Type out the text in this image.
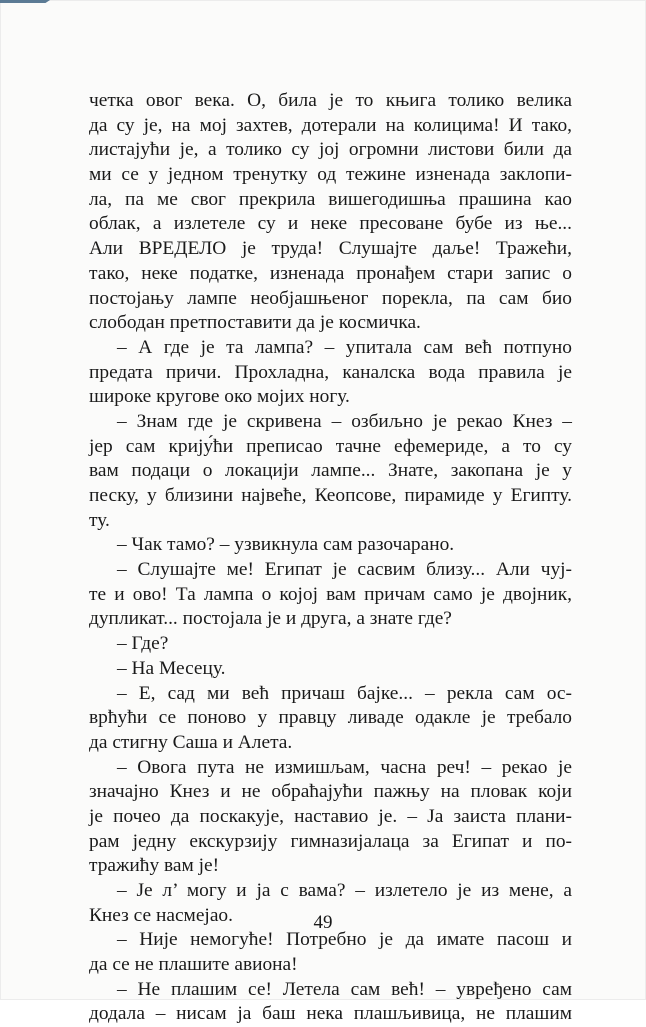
четка овог века. О, била је то књига толико велика
да су је, на мој захтев, дотерали на колицима! И тако,
листајући је, а толико су јој огромни листови били да
ми се у једном тренутку од тежине изненада заклопи-
ла, па ме свог прекрила вишегодишња прашина као
облак, а излетеле су и неке пресоване бубе из ње...
Али ВРЕДЕЛО је труда! Слушајте даље! Тражећи,
тако, неке податке, изненада пронађем стари запис о
постојању лампе необјашњеног порекла, па сам био
слободан претпоставити да је космичка.
– А где је та лампа? – упитала сам већ потпуно
предата причи. Прохладна, каналска вода правила је
широке кругове око мојих ногу.
– Знам где је скривена – озбиљно је рекао Кнез –
јер сам крију́ћи преписао тачне ефемериде, а то су
вам подаци о локацији лампе... Знате, закопана је у
песку, у близини највеће, Кеопсове, пирамиде у Египту.
ту.
– Чак тамо? – узвикнула сам разочарано.
– Слушајте ме! Египат је сасвим близу... Али чуј-
те и ово! Та лампа о којој вам причам само је двојник,
дупликат... постојала је и друга, а знате где?
– Где?
– На Месецу.
– Е, сад ми већ причаш бајке... – рекла сам ос-
врћући се поново у правцу ливаде одакле је требало
да стигну Саша и Алета.
– Овога пута не измишљам, часна реч! – рекао је
значајно Кнез и не обраћајући пажњу на пловак који
је почео да поскакује, наставио је. – Ја заиста плани-
рам једну екскурзију гимназијалаца за Египат и по-
тражићу вам је!
– Је л’ могу и ја с вама? – излетело је из мене, а
Кнез се насмејао.
– Није немогуће! Потребно је да имате пасош и
да се не плашите авиона!
– Не плашим се! Летела сам већ! – увређено сам
додала – нисам ја баш нека плашљивица, не плашим
49
